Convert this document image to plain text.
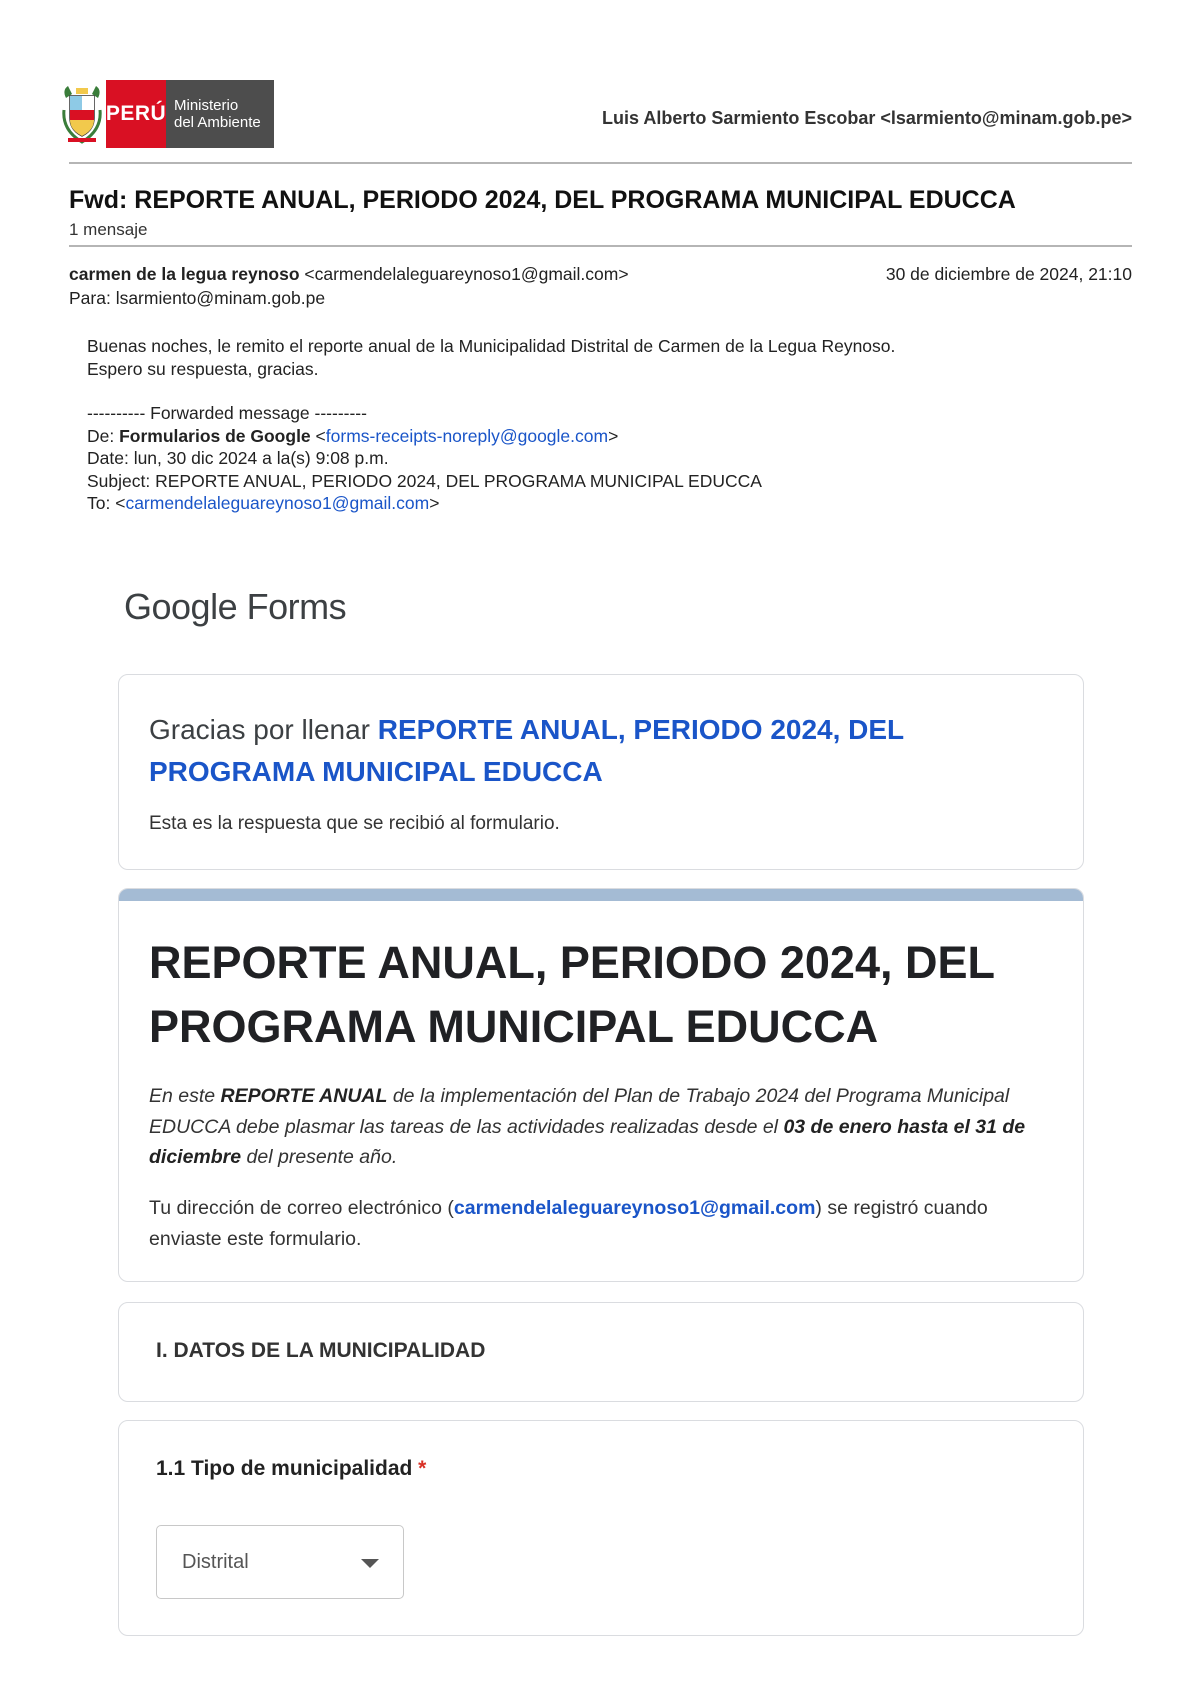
PERÚ Ministerio
del Ambiente	Luis Alberto Sarmiento Escobar <lsarmiento@minam.gob.pe>
Fwd: REPORTE ANUAL, PERIODO 2024, DEL PROGRAMA MUNICIPAL EDUCCA
1 mensaje
carmen de la legua reynoso <carmendelaleguareynoso1@gmail.com>	30 de diciembre de 2024, 21:10
Para: lsarmiento@minam.gob.pe
Buenas noches, le remito el reporte anual de la Municipalidad Distrital de Carmen de la Legua Reynoso.
Espero su respuesta, gracias.
---------- Forwarded message ---------
De: Formularios de Google <forms-receipts-noreply@google.com>
Date: lun, 30 dic 2024 a la(s) 9:08 p.m.
Subject: REPORTE ANUAL, PERIODO 2024, DEL PROGRAMA MUNICIPAL EDUCCA
To: <carmendelaleguareynoso1@gmail.com>
Google Forms
Gracias por llenar REPORTE ANUAL, PERIODO 2024, DEL PROGRAMA MUNICIPAL EDUCCA
Esta es la respuesta que se recibió al formulario.
REPORTE ANUAL, PERIODO 2024, DEL PROGRAMA MUNICIPAL EDUCCA
En este REPORTE ANUAL de la implementación del Plan de Trabajo 2024 del Programa Municipal EDUCCA debe plasmar las tareas de las actividades realizadas desde el 03 de enero hasta el 31 de diciembre del presente año.
Tu dirección de correo electrónico (carmendelaleguareynoso1@gmail.com) se registró cuando enviaste este formulario.
I. DATOS DE LA MUNICIPALIDAD
1.1 Tipo de municipalidad *
Distrital
